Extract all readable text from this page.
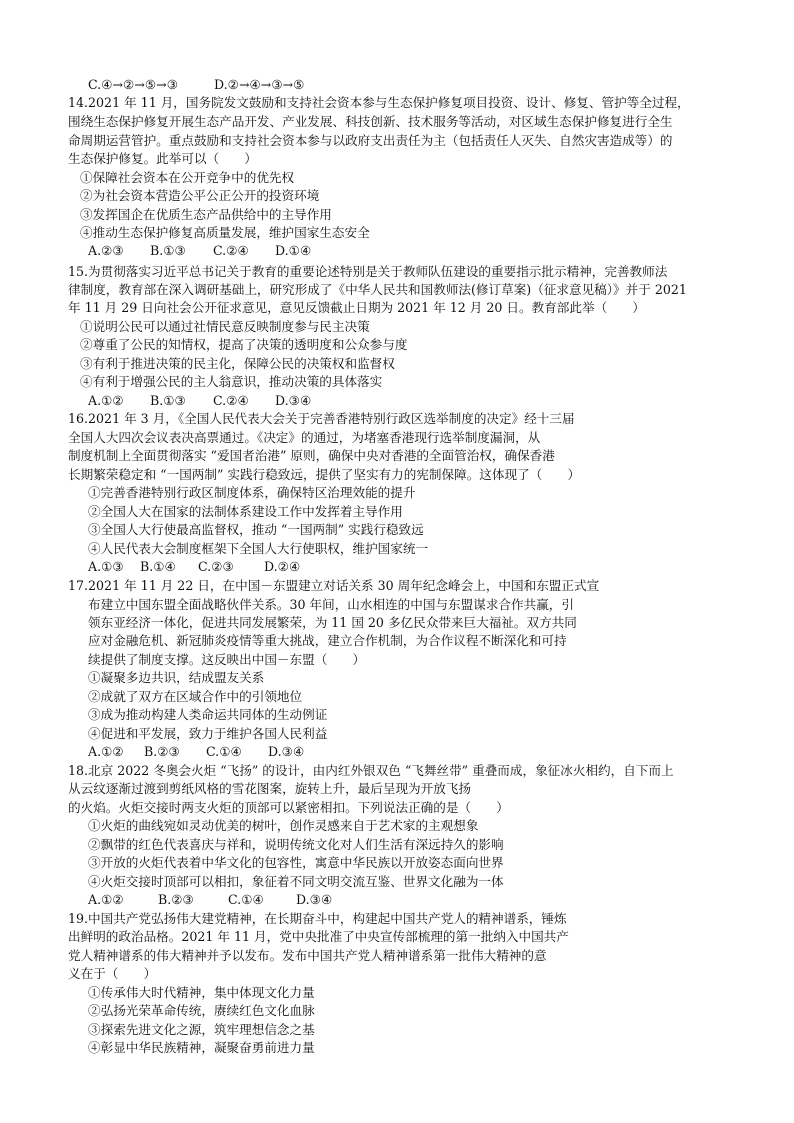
C.④→②→⑤→③	D.②→④→③→⑤
14.2021 年 11 月，国务院发文鼓励和支持社会资本参与生态保护修复项目投资、设计、修复、管护等全过程，
围绕生态保护修复开展生态产品开发、产业发展、科技创新、技术服务等活动，对区域生态保护修复进行全生
命周期运营管护。重点鼓励和支持社会资本参与以政府支出责任为主（包括责任人灭失、自然灾害造成等）的
生态保护修复。此举可以（　　）
①保障社会资本在公开竞争中的优先权
②为社会资本营造公平公正公开的投资环境
③发挥国企在优质生态产品供给中的主导作用
④推动生态保护修复高质量发展，维护国家生态安全
A.②③ B.①③ C.②④ D.①④
15.为贯彻落实习近平总书记关于教育的重要论述特别是关于教师队伍建设的重要指示批示精神，完善教师法
律制度，教育部在深入调研基础上，研究形成了《中华人民共和国教师法(修订草案)（征求意见稿）》并于 2021
年 11 月 29 日向社会公开征求意见，意见反馈截止日期为 2021 年 12 月 20 日。教育部此举（　　）
①说明公民可以通过社情民意反映制度参与民主决策
②尊重了公民的知情权，提高了决策的透明度和公众参与度
③有利于推进决策的民主化，保障公民的决策权和监督权
④有利于增强公民的主人翁意识，推动决策的具体落实
A.①② B.①③ C.②④ D.③④
16.2021 年 3 月，《全国人民代表大会关于完善香港特别行政区选举制度的决定》经十三届
全国人大四次会议表决高票通过。《决定》的通过，为堵塞香港现行选举制度漏洞，从
制度机制上全面贯彻落实 “爱国者治港” 原则，确保中央对香港的全面管治权，确保香港
长期繁荣稳定和 “一国两制” 实践行稳致远，提供了坚实有力的宪制保障。这体现了（　　）
①完善香港特别行政区制度体系，确保特区治理效能的提升
②全国人大在国家的法制体系建设工作中发挥着主导作用
③全国人大行使最高监督权，推动 “一国两制” 实践行稳致远
④人民代表大会制度框架下全国人大行使职权，维护国家统一
A.①③ B.①④ C.②③ D.②④
17.2021 年 11 月 22 日，在中国－东盟建立对话关系 30 周年纪念峰会上，中国和东盟正式宣
布建立中国东盟全面战略伙伴关系。30 年间，山水相连的中国与东盟谋求合作共赢，引
领东亚经济一体化，促进共同发展繁荣，为 11 国 20 多亿民众带来巨大福祉。双方共同
应对金融危机、新冠肺炎疫情等重大挑战，建立合作机制，为合作议程不断深化和可持
续提供了制度支撑。这反映出中国－东盟（　　）
①凝聚多边共识，结成盟友关系
②成就了双方在区域合作中的引领地位
③成为推动构建人类命运共同体的生动例证
④促进和平发展，致力于维护各国人民利益
A.①② B.②③ C.①④ D.③④
18.北京 2022 冬奥会火炬 “飞扬” 的设计，由内红外银双色 “飞舞丝带” 重叠而成，象征冰火相约，自下而上
从云纹逐渐过渡到剪纸风格的雪花图案，旋转上升，最后呈现为开放飞扬
的火焰。火炬交接时两支火炬的顶部可以紧密相扣。下列说法正确的是（　　）
①火炬的曲线宛如灵动优美的树叶，创作灵感来自于艺术家的主观想象
②飘带的红色代表喜庆与祥和，说明传统文化对人们生活有深远持久的影响
③开放的火炬代表着中华文化的包容性，寓意中华民族以开放姿态面向世界
④火炬交接时顶部可以相扣，象征着不同文明交流互鉴、世界文化融为一体
A.①②	B.②③	C.①④	D.③④
19.中国共产党弘扬伟大建党精神，在长期奋斗中，构建起中国共产党人的精神谱系，锤炼
出鲜明的政治品格。2021 年 11 月，党中央批准了中央宣传部梳理的第一批纳入中国共产
党人精神谱系的伟大精神并予以发布。发布中国共产党人精神谱系第一批伟大精神的意
义在于（　　）
①传承伟大时代精神，集中体现文化力量
②弘扬光荣革命传统，赓续红色文化血脉
③探索先进文化之源，筑牢理想信念之基
④彰显中华民族精神，凝聚奋勇前进力量
